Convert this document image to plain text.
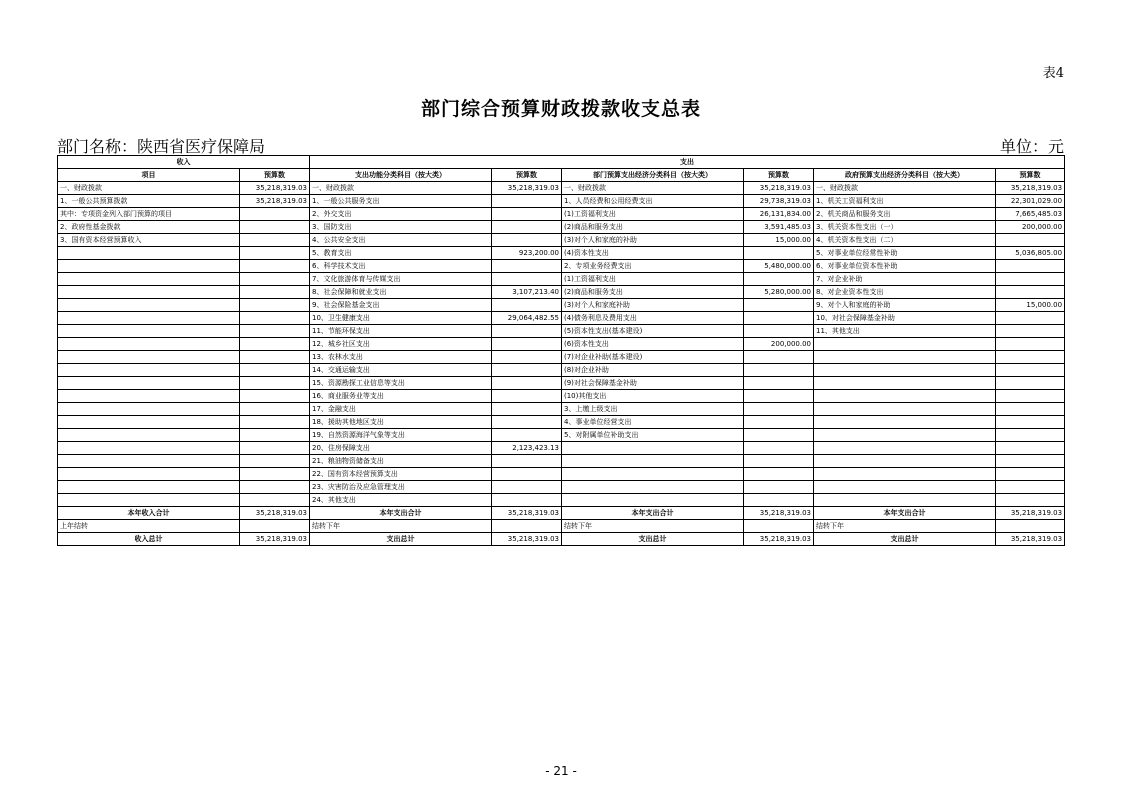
表4
部门综合预算财政拨款收支总表
部门名称：陕西省医疗保障局	单位：元
收入		支出					
项目	预算数	支出功能分类科目（按大类）	预算数	部门预算支出经济分类科目（按大类）	预算数	政府预算支出经济分类科目（按大类）	预算数
一、财政拨款	35,218,319.03	一、财政拨款	35,218,319.03	一、财政拨款	35,218,319.03	一、财政拨款	35,218,319.03
1、一般公共预算拨款	35,218,319.03	1、一般公共服务支出		1、人员经费和公用经费支出	29,738,319.03	1、机关工资福利支出	22,301,029.00
其中：专项资金列入部门预算的项目		2、外交支出		(1)工资福利支出	26,131,834.00	2、机关商品和服务支出	7,665,485.03
2、政府性基金拨款		3、国防支出		(2)商品和服务支出	3,591,485.03	3、机关资本性支出（一）	200,000.00
3、国有资本经营预算收入		4、公共安全支出		(3)对个人和家庭的补助	15,000.00	4、机关资本性支出（二）	
		5、教育支出	923,200.00	(4)资本性支出		5、对事业单位经常性补助	5,036,805.00
		6、科学技术支出		2、专项业务经费支出	5,480,000.00	6、对事业单位资本性补助	
		7、文化旅游体育与传媒支出		(1)工资福利支出		7、对企业补助	
		8、社会保障和就业支出	3,107,213.40	(2)商品和服务支出	5,280,000.00	8、对企业资本性支出	
		9、社会保险基金支出		(3)对个人和家庭补助		9、对个人和家庭的补助	15,000.00
		10、卫生健康支出	29,064,482.55	(4)债务利息及费用支出		10、对社会保障基金补助	
		11、节能环保支出		(5)资本性支出(基本建设)		11、其他支出	
		12、城乡社区支出		(6)资本性支出	200,000.00		
		13、农林水支出		(7)对企业补助(基本建设)			
		14、交通运输支出		(8)对企业补助			
		15、资源勘探工业信息等支出		(9)对社会保障基金补助			
		16、商业服务业等支出		(10)其他支出			
		17、金融支出		3、上缴上级支出			
		18、援助其他地区支出		4、事业单位经营支出			
		19、自然资源海洋气象等支出		5、对附属单位补助支出			
		20、住房保障支出	2,123,423.13				
		21、粮油物资储备支出					
		22、国有资本经营预算支出					
		23、灾害防治及应急管理支出					
		24、其他支出					
本年收入合计	35,218,319.03	本年支出合计	35,218,319.03	本年支出合计	35,218,319.03	本年支出合计	35,218,319.03
上年结转		结转下年		结转下年		结转下年	
收入总计	35,218,319.03	支出总计	35,218,319.03	支出总计	35,218,319.03	支出总计	35,218,319.03
- 21 -
